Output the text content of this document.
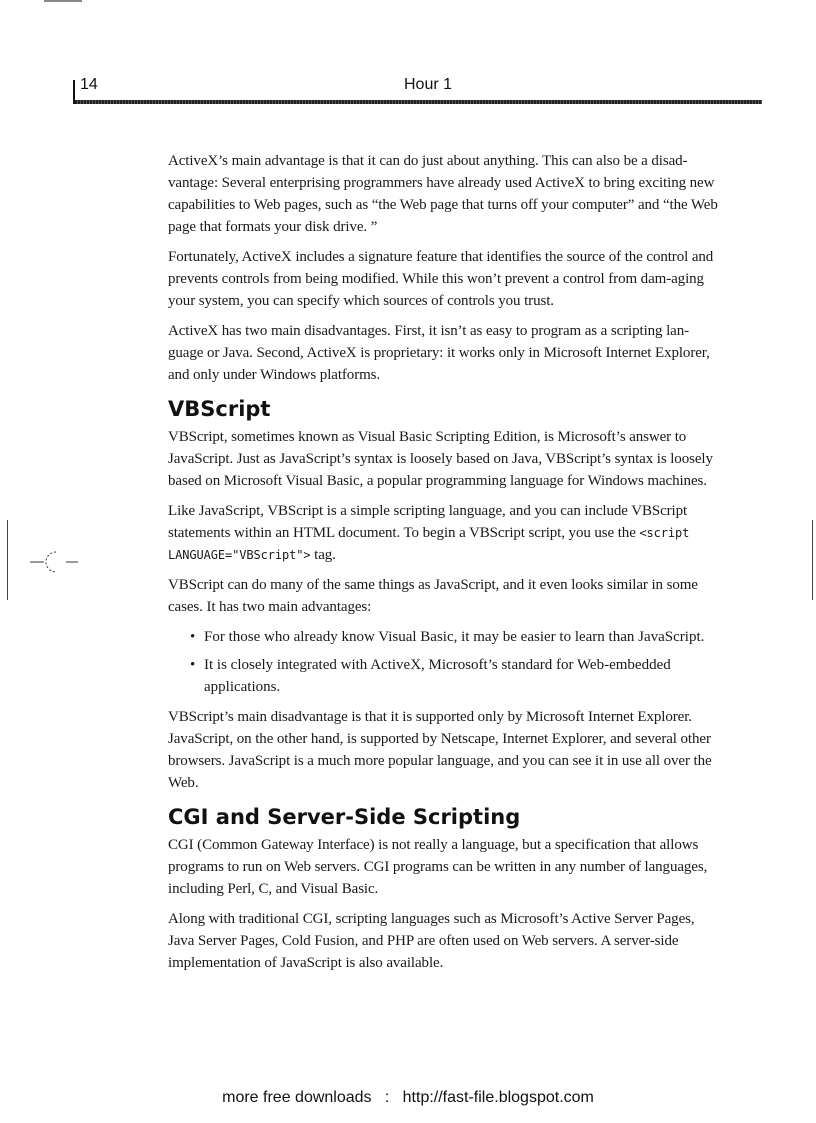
14	Hour 1

ActiveX’s main advantage is that it can do just about anything. This can also be a disad-vantage: Several enterprising programmers have already used ActiveX to bring exciting new capabilities to Web pages, such as “the Web page that turns off your computer” and “the Web page that formats your disk drive. ”

Fortunately, ActiveX includes a signature feature that identifies the source of the control and prevents controls from being modified. While this won’t prevent a control from dam-aging your system, you can specify which sources of controls you trust.

ActiveX has two main disadvantages. First, it isn’t as easy to program as a scripting lan-guage or Java. Second, ActiveX is proprietary: it works only in Microsoft Internet Explorer, and only under Windows platforms.

VBScript

VBScript, sometimes known as Visual Basic Scripting Edition, is Microsoft’s answer to JavaScript. Just as JavaScript’s syntax is loosely based on Java, VBScript’s syntax is loosely based on Microsoft Visual Basic, a popular programming language for Windows machines.

Like JavaScript, VBScript is a simple scripting language, and you can include VBScript statements within an HTML document. To begin a VBScript script, you use the <script LANGUAGE="VBScript"> tag.

VBScript can do many of the same things as JavaScript, and it even looks similar in some cases. It has two main advantages:

• For those who already know Visual Basic, it may be easier to learn than JavaScript.
• It is closely integrated with ActiveX, Microsoft’s standard for Web-embedded applications.

VBScript’s main disadvantage is that it is supported only by Microsoft Internet Explorer. JavaScript, on the other hand, is supported by Netscape, Internet Explorer, and several other browsers. JavaScript is a much more popular language, and you can see it in use all over the Web.

CGI and Server-Side Scripting

CGI (Common Gateway Interface) is not really a language, but a specification that allows programs to run on Web servers. CGI programs can be written in any number of languages, including Perl, C, and Visual Basic.

Along with traditional CGI, scripting languages such as Microsoft’s Active Server Pages, Java Server Pages, Cold Fusion, and PHP are often used on Web servers. A server-side implementation of JavaScript is also available.

more free downloads   :   http://fast-file.blogspot.com
